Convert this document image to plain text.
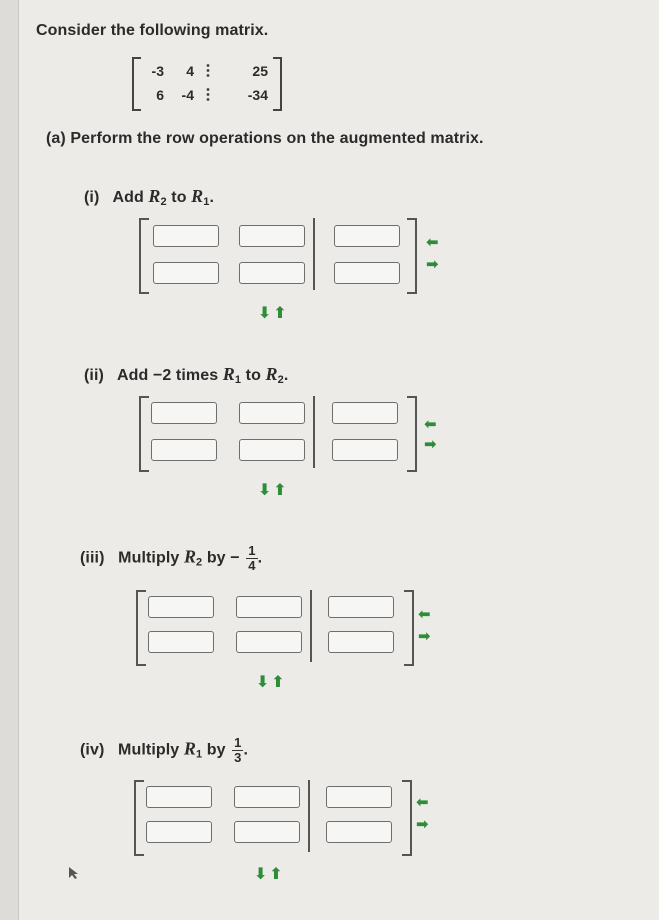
Consider the following matrix.
-3	4	25
6	-4	-34
(a) Perform the row operations on the augmented matrix.
(i) Add $R_2$ to $R_1$.
⬅
➡
⬇⬆
(ii) Add −2 times $R_1$ to $R_2$.
⬅
➡
⬇⬆
(iii) Multiply $R_2$ by − $\frac{1}{4}$ .
⬅
➡
⬇⬆
(iv) Multiply $R_1$ by $\frac{1}{3}$ .
⬅
➡
⬇⬆
